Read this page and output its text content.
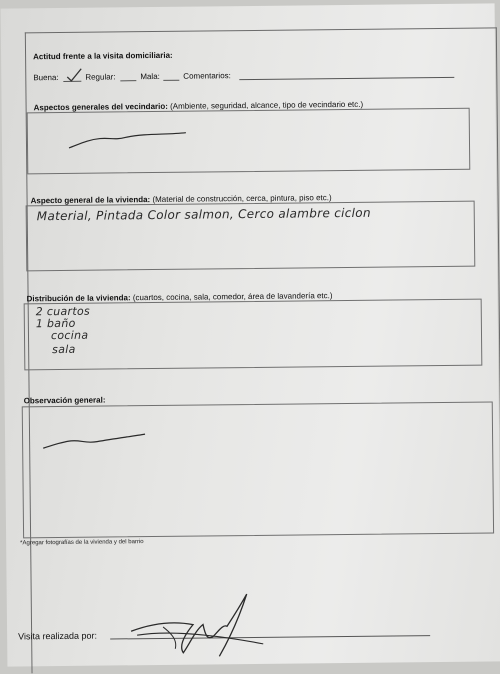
Actitud frente a la visita domiciliaria:
Buena:	Regular:	Mala:	Comentarios:
Aspectos generales del vecindario: (Ambiente, seguridad, alcance, tipo de vecindario etc.)
Aspecto general de la vivienda: (Material de construcción, cerca, pintura, piso etc.)
Material, Pintada Color salmon, Cerco alambre ciclon
Distribución de la vivienda: (cuartos, cocina, sala, comedor, área de lavandería etc.)
2 cuartos
1 baño
cocina
sala
Observación general:
*Agregar fotografías de la vivienda y del barrio
Visita realizada por:
